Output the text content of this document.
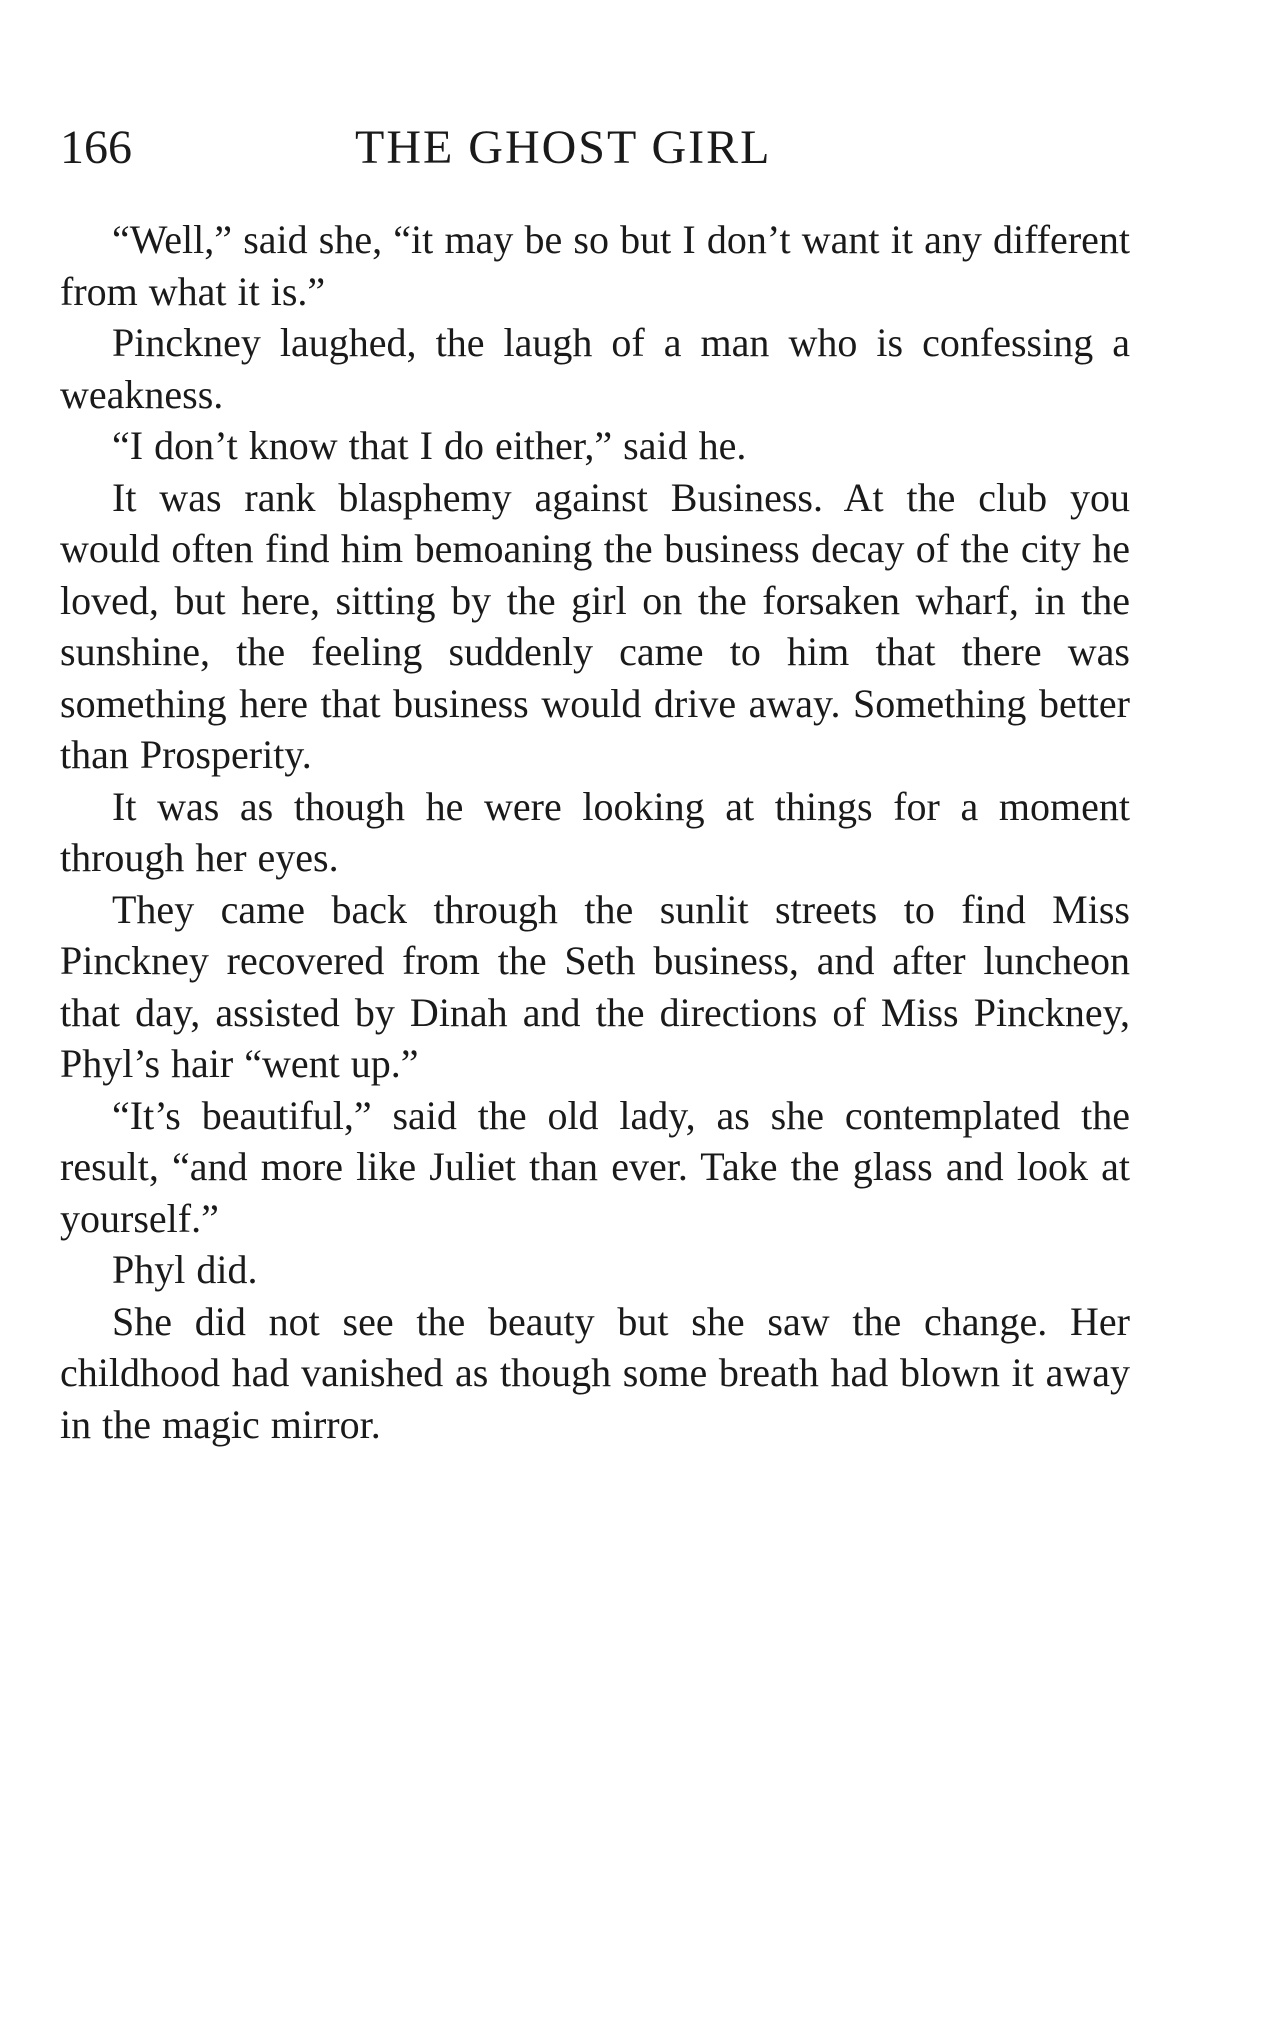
166	THE GHOST GIRL

“Well,” said she, “it may be so but I don’t want it any different from what it is.”

Pinckney laughed, the laugh of a man who is confessing a weakness.

“I don’t know that I do either,” said he.

It was rank blasphemy against Business. At the club you would often find him bemoaning the business decay of the city he loved, but here, sitting by the girl on the forsaken wharf, in the sunshine, the feeling suddenly came to him that there was something here that business would drive away. Something better than Prosperity.

It was as though he were looking at things for a moment through her eyes.

They came back through the sunlit streets to find Miss Pinckney recovered from the Seth business, and after luncheon that day, assisted by Dinah and the directions of Miss Pinckney, Phyl’s hair “went up.”

“It’s beautiful,” said the old lady, as she contemplated the result, “and more like Juliet than ever. Take the glass and look at yourself.”

Phyl did.

She did not see the beauty but she saw the change. Her childhood had vanished as though some breath had blown it away in the magic mirror.
